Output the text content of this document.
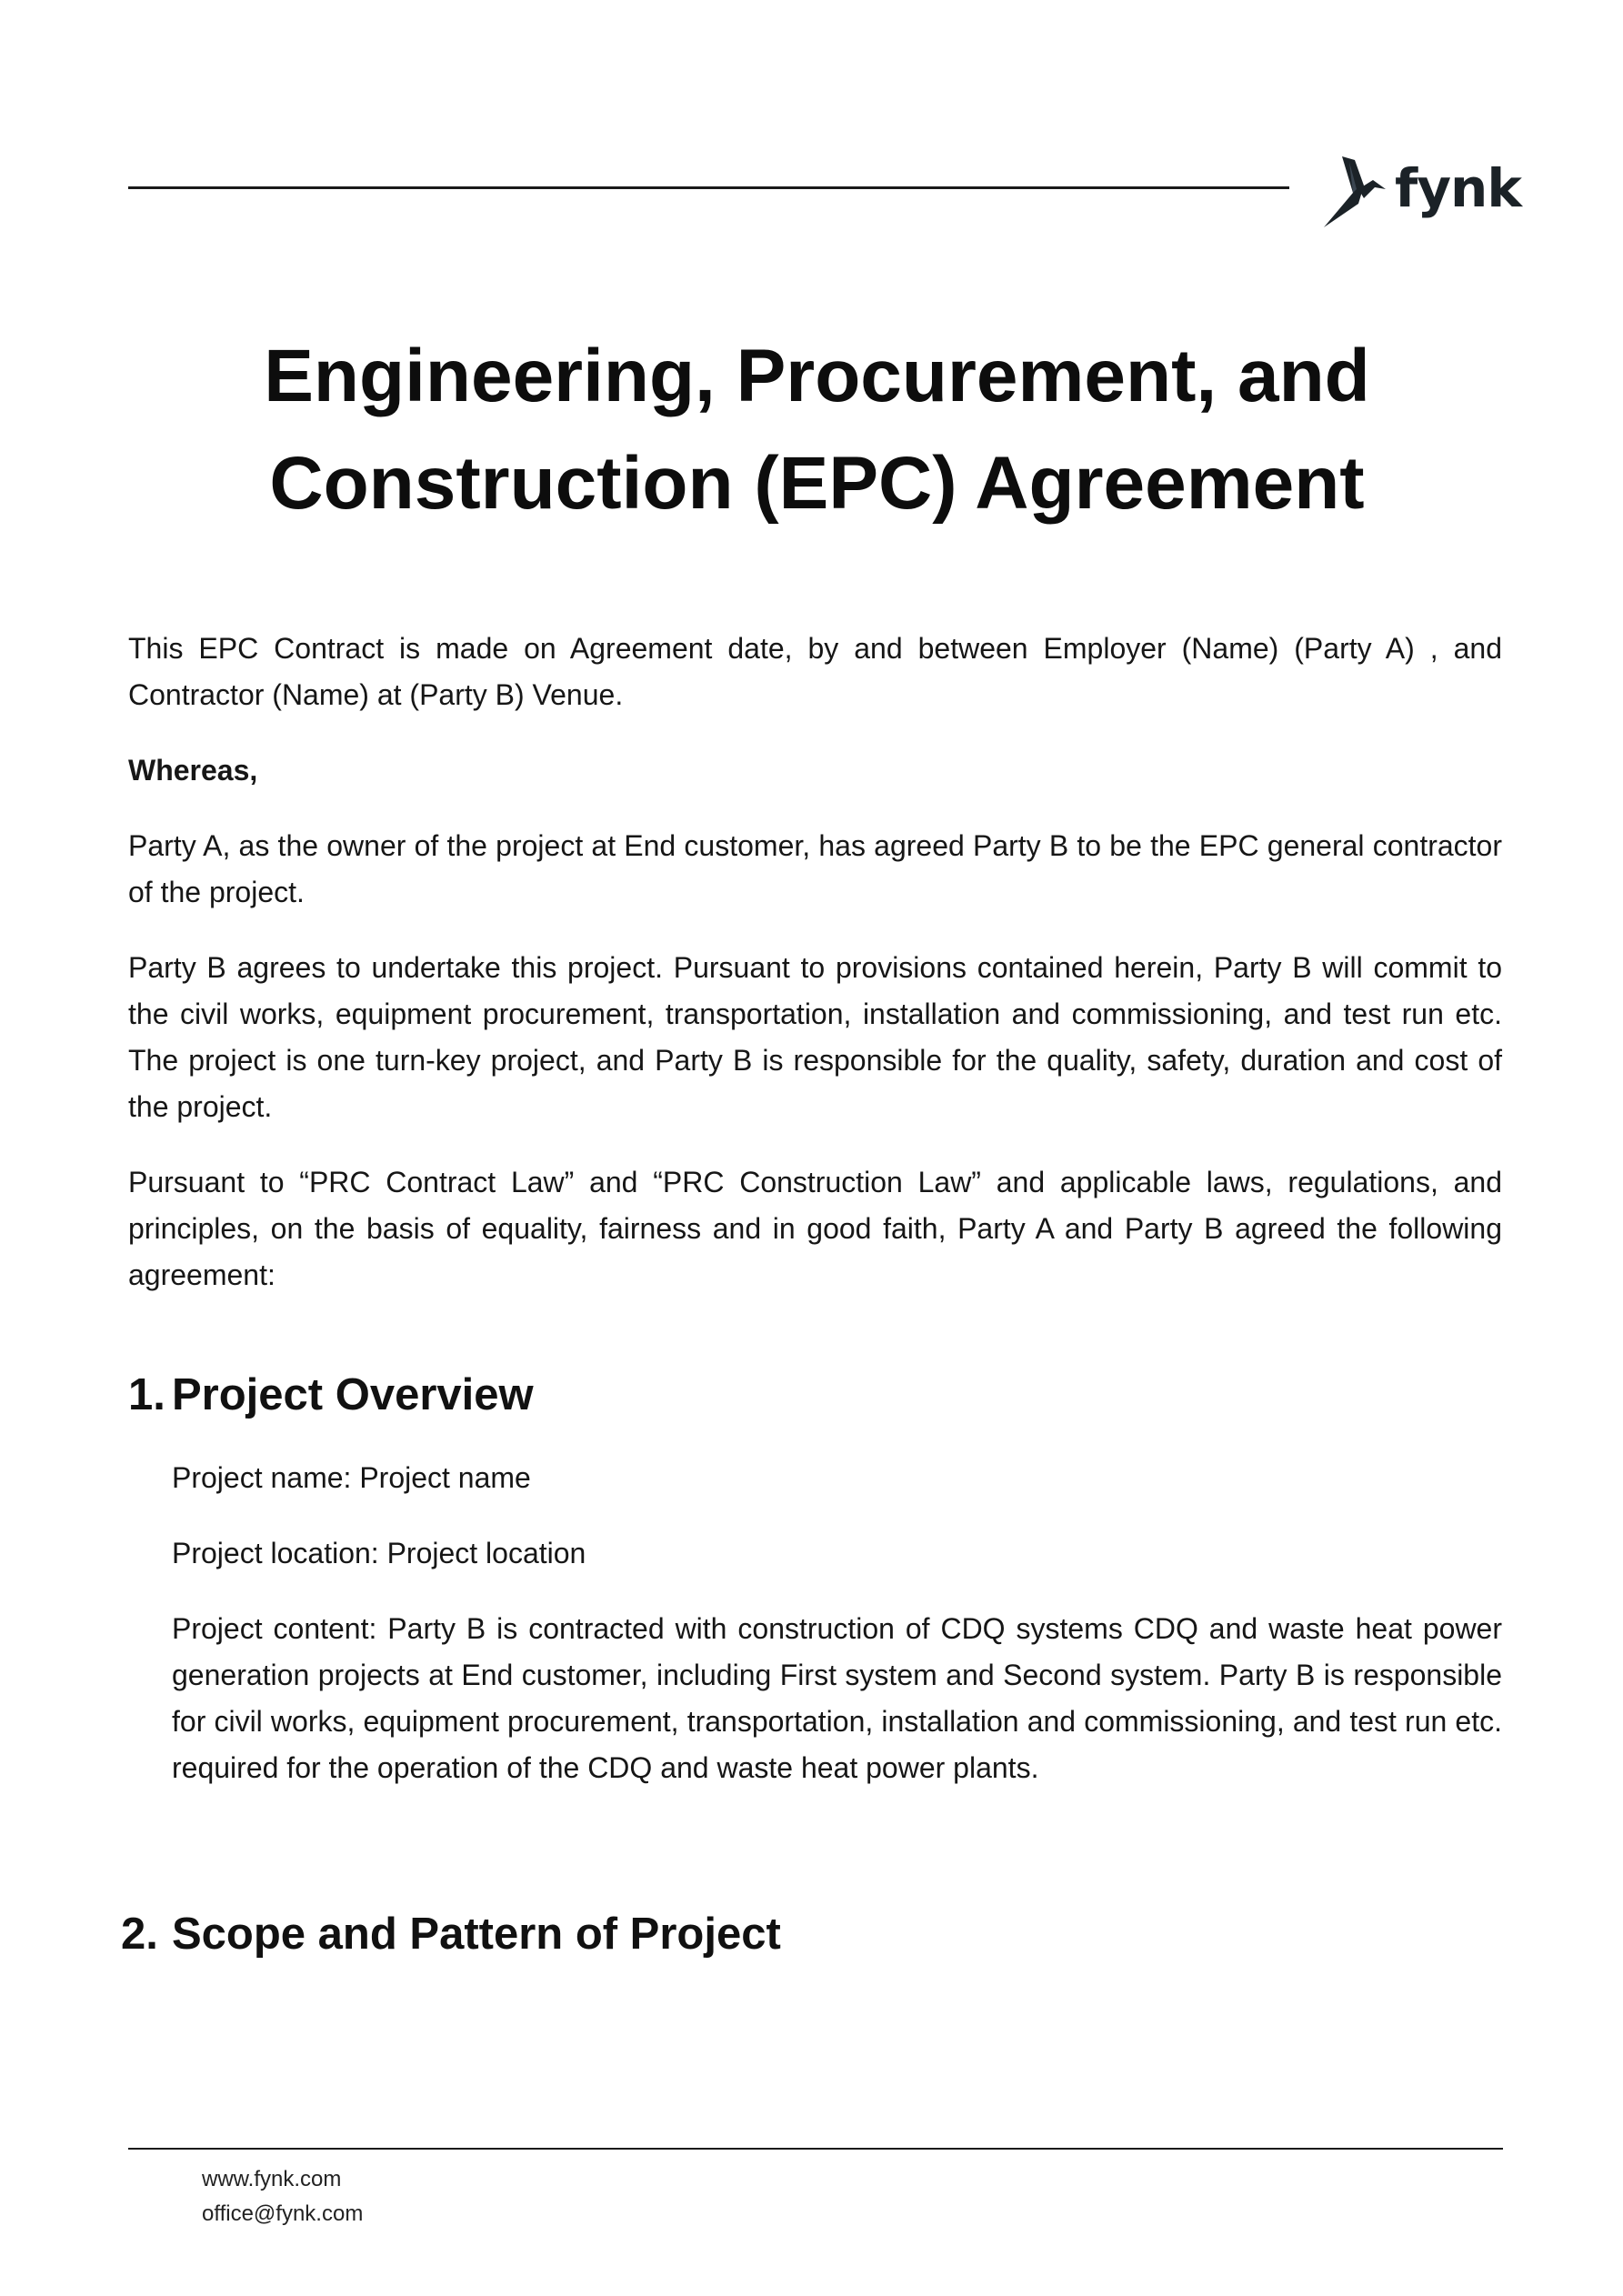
fynk
Engineering, Procurement, and
Construction (EPC) Agreement

This EPC Contract is made on Agreement date, by and between Employer (Name) (Party A) , and Contractor (Name) at (Party B) Venue.

Whereas,

Party A, as the owner of the project at End customer, has agreed Party B to be the EPC general contractor of the project.

Party B agrees to undertake this project. Pursuant to provisions contained herein, Party B will commit to the civil works, equipment procurement, transportation, installation and commissioning, and test run etc. The project is one turn-key project, and Party B is responsible for the quality, safety, duration and cost of the project.

Pursuant to “PRC Contract Law” and “PRC Construction Law” and applicable laws, regulations, and principles, on the basis of equality, fairness and in good faith, Party A and Party B agreed the following agreement:

1. Project Overview

Project name: Project name

Project location: Project location

Project content: Party B is contracted with construction of CDQ systems CDQ and waste heat power generation projects at End customer, including First system and Second system. Party B is responsible for civil works, equipment procurement, transportation, installation and commissioning, and test run etc. required for the operation of the CDQ and waste heat power plants.

2. Scope and Pattern of Project
www.fynk.com
office@fynk.com
